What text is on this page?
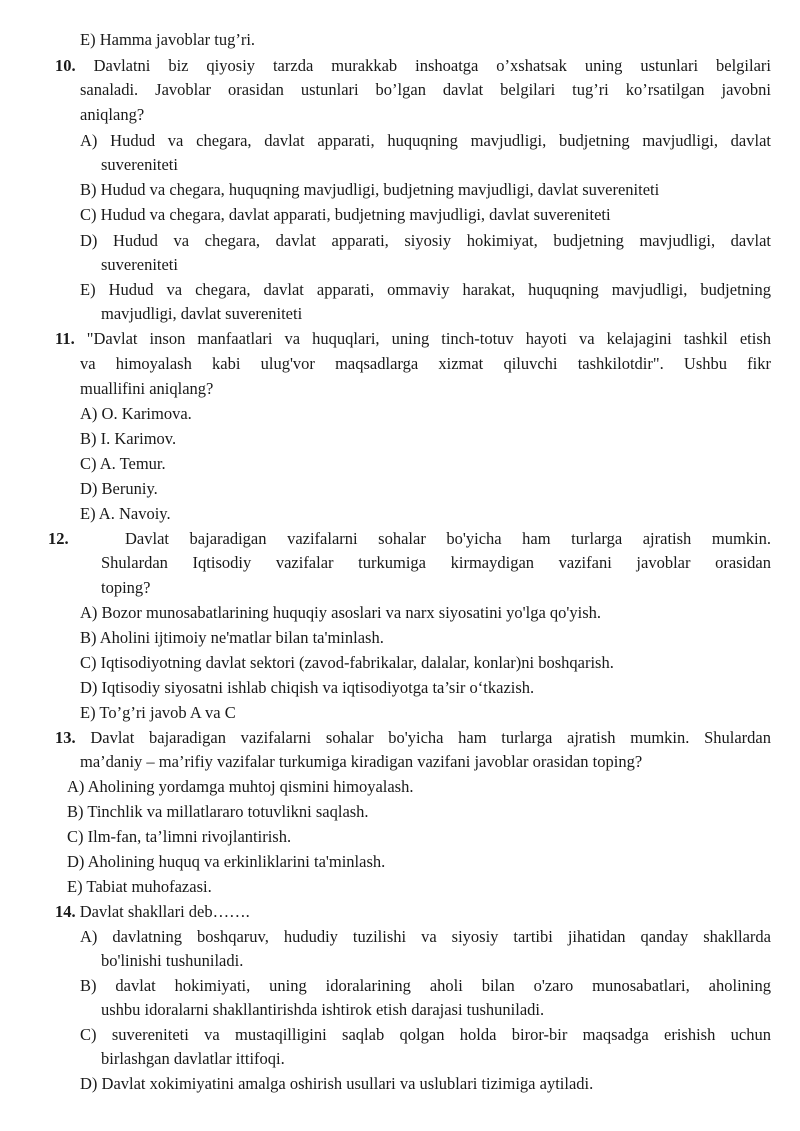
E) Hamma javoblar tug’ri.
10. Davlatni biz qiyosiy tarzda murakkab inshoatga o’xshatsak uning ustunlari belgilari
sanaladi. Javoblar orasidan ustunlari bo’lgan davlat belgilari tug’ri ko’rsatilgan javobni
aniqlang?
A) Hudud va chegara, davlat apparati, huquqning mavjudligi, budjetning mavjudligi, davlat
suvereniteti
B) Hudud va chegara, huquqning mavjudligi, budjetning mavjudligi, davlat suvereniteti
C) Hudud va chegara, davlat apparati, budjetning mavjudligi, davlat suvereniteti
D) Hudud va chegara, davlat apparati, siyosiy hokimiyat, budjetning mavjudligi, davlat
suvereniteti
E) Hudud va chegara, davlat apparati, ommaviy harakat, huquqning mavjudligi, budjetning
mavjudligi, davlat suvereniteti
11. "Davlat inson manfaatlari va huquqlari, uning tinch-totuv hayoti va kelajagini tashkil etish
va himoyalash kabi ulug'vor maqsadlarga xizmat qiluvchi tashkilotdir". Ushbu fikr
muallifini aniqlang?
A) O. Karimova.
B) I. Karimov.
C) A. Temur.
D) Beruniy.
E) A. Navoiy.
12.	Davlat bajaradigan vazifalarni sohalar bo'yicha ham turlarga ajratish mumkin.
Shulardan Iqtisodiy vazifalar turkumiga kirmaydigan vazifani javoblar orasidan
toping?
A) Bozor munosabatlarining huquqiy asoslari va narx siyosatini yo'lga qo'yish.
B) Aholini ijtimoiy ne'matlar bilan ta'minlash.
C) Iqtisodiyotning davlat sektori (zavod-fabrikalar, dalalar, konlar)ni boshqarish.
D) Iqtisodiy siyosatni ishlab chiqish va iqtisodiyotga ta’sir o‘tkazish.
E) To’g’ri javob A va C
13. Davlat bajaradigan vazifalarni sohalar bo'yicha ham turlarga ajratish mumkin. Shulardan
ma’daniy – ma’rifiy vazifalar turkumiga kiradigan vazifani javoblar orasidan toping?
A) Aholining yordamga muhtoj qismini himoyalash.
B) Tinchlik va millatlararo totuvlikni saqlash.
C) Ilm-fan, ta’limni rivojlantirish.
D) Aholining huquq va erkinliklarini ta'minlash.
E) Tabiat muhofazasi.
14. Davlat shakllari deb…….
A) davlatning boshqaruv, hududiy tuzilishi va siyosiy tartibi jihatidan qanday shakllarda
bo'linishi tushuniladi.
B) davlat hokimiyati, uning idoralarining aholi bilan o'zaro munosabatlari, aholining
ushbu idoralarni shakllantirishda ishtirok etish darajasi tushuniladi.
C) suvereniteti va mustaqilligini saqlab qolgan holda biror-bir maqsadga erishish uchun
birlashgan davlatlar ittifoqi.
D) Davlat xokimiyatini amalga oshirish usullari va uslublari tizimiga aytiladi.
